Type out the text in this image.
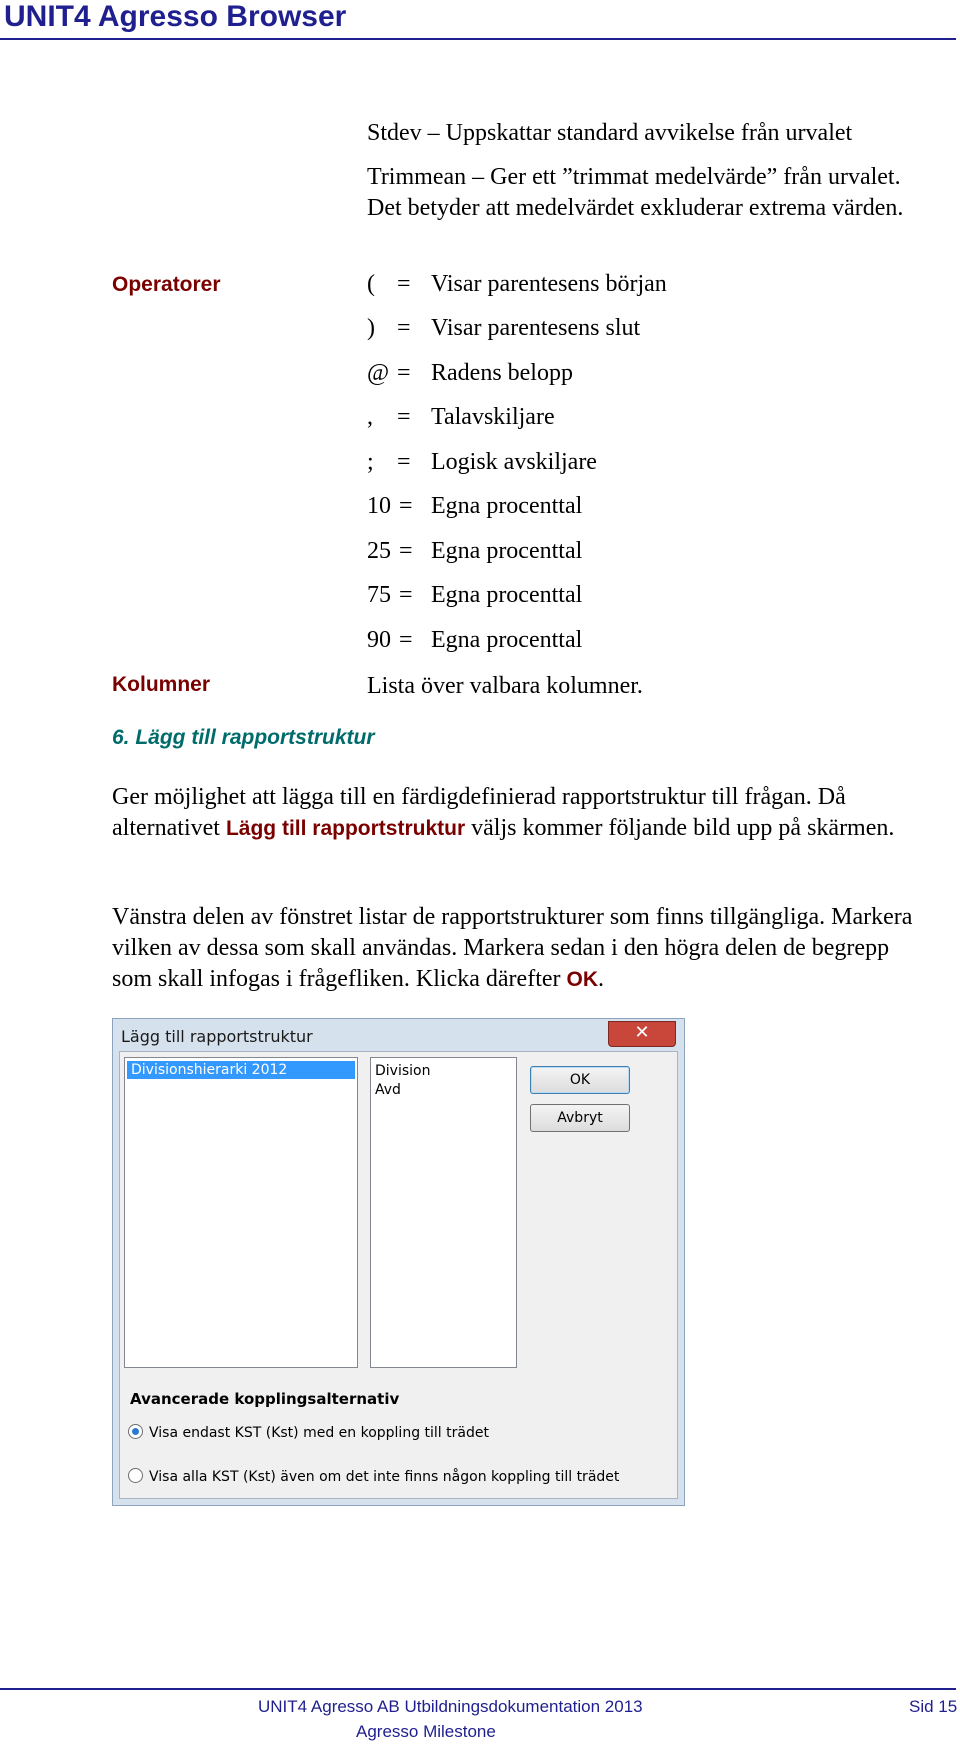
UNIT4 Agresso Browser
Stdev – Uppskattar standard avvikelse från urvalet
Trimmean – Ger ett ”trimmat medelvärde” från urvalet. Det betyder att medelvärdet exkluderar extrema värden.
Operatorer	( = Visar parentesens början
) = Visar parentesens slut
@ = Radens belopp
, = Talavskiljare
; = Logisk avskiljare
10 = Egna procenttal
25 = Egna procenttal
75 = Egna procenttal
90 = Egna procenttal
Kolumner	Lista över valbara kolumner.
6. Lägg till rapportstruktur
Ger möjlighet att lägga till en färdigdefinierad rapportstruktur till frågan. Då alternativet Lägg till rapportstruktur väljs kommer följande bild upp på skärmen.
Vänstra delen av fönstret listar de rapportstrukturer som finns tillgängliga. Markera vilken av dessa som skall användas. Markera sedan i den högra delen de begrepp som skall infogas i frågefliken. Klicka därefter OK.
Lägg till rapportstruktur	✕
Divisionshierarki 2012	Division
Avd
OK
Avbryt
Avancerade kopplingsalternativ
Visa endast KST (Kst) med en koppling till trädet
Visa alla KST (Kst) även om det inte finns någon koppling till trädet
UNIT4 Agresso AB Utbildningsdokumentation 2013
Agresso Milestone
Sid 15
